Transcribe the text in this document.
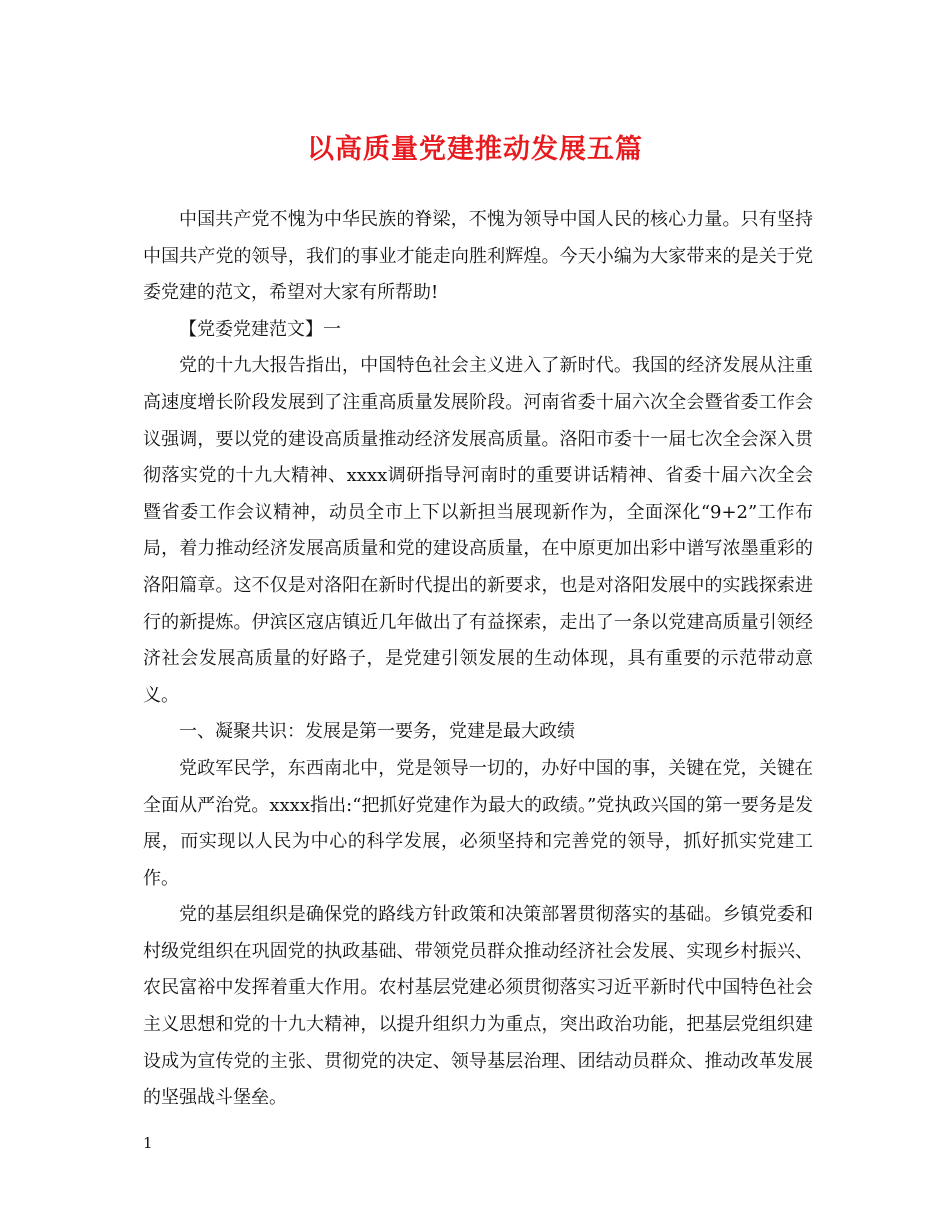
以高质量党建推动发展五篇

中国共产党不愧为中华民族的脊梁，不愧为领导中国人民的核心力量。只有坚持中国共产党的领导，我们的事业才能走向胜利辉煌。今天小编为大家带来的是关于党委党建的范文，希望对大家有所帮助!

【党委党建范文】一

党的十九大报告指出，中国特色社会主义进入了新时代。我国的经济发展从注重高速度增长阶段发展到了注重高质量发展阶段。河南省委十届六次全会暨省委工作会议强调，要以党的建设高质量推动经济发展高质量。洛阳市委十一届七次全会深入贯彻落实党的十九大精神、xxxx调研指导河南时的重要讲话精神、省委十届六次全会暨省委工作会议精神，动员全市上下以新担当展现新作为，全面深化“9+2”工作布局，着力推动经济发展高质量和党的建设高质量，在中原更加出彩中谱写浓墨重彩的洛阳篇章。这不仅是对洛阳在新时代提出的新要求，也是对洛阳发展中的实践探索进行的新提炼。伊滨区寇店镇近几年做出了有益探索，走出了一条以党建高质量引领经济社会发展高质量的好路子，是党建引领发展的生动体现，具有重要的示范带动意义。

一、凝聚共识：发展是第一要务，党建是最大政绩

党政军民学，东西南北中，党是领导一切的，办好中国的事，关键在党，关键在全面从严治党。xxxx指出:“把抓好党建作为最大的政绩。”党执政兴国的第一要务是发展，而实现以人民为中心的科学发展，必须坚持和完善党的领导，抓好抓实党建工作。

党的基层组织是确保党的路线方针政策和决策部署贯彻落实的基础。乡镇党委和村级党组织在巩固党的执政基础、带领党员群众推动经济社会发展、实现乡村振兴、农民富裕中发挥着重大作用。农村基层党建必须贯彻落实习近平新时代中国特色社会主义思想和党的十九大精神，以提升组织力为重点，突出政治功能，把基层党组织建设成为宣传党的主张、贯彻党的决定、领导基层治理、团结动员群众、推动改革发展的坚强战斗堡垒。

1
